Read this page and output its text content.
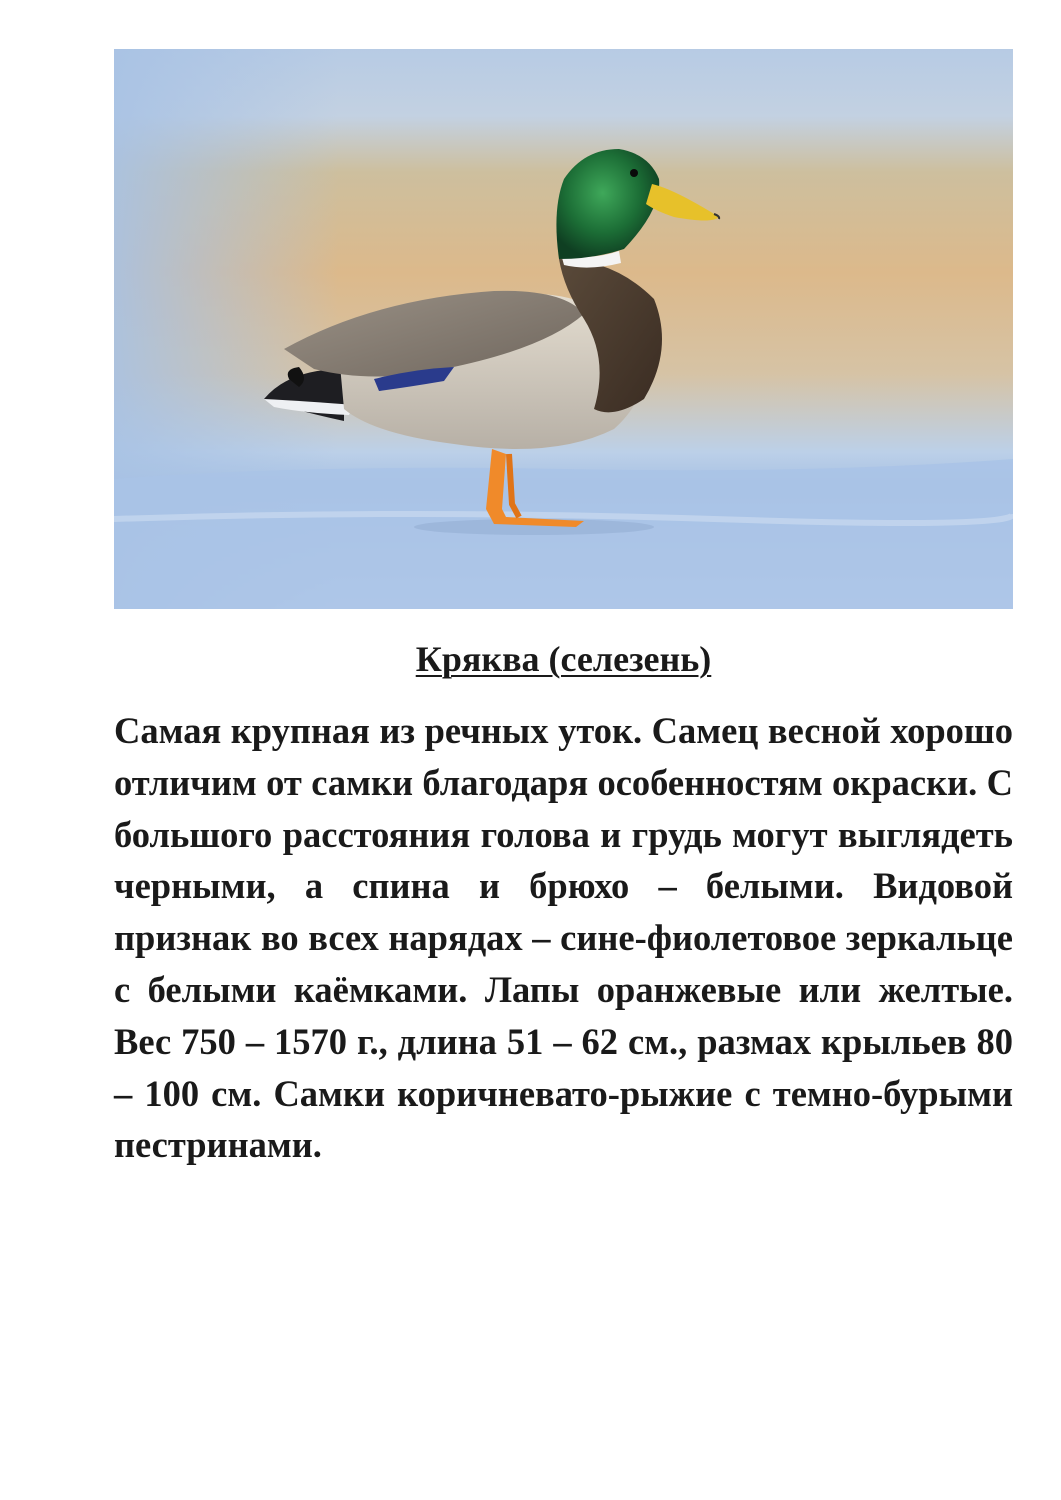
Кряква (селезень)

Самая крупная из речных уток. Самец весной хорошо отличим от самки благодаря особенностям окраски. С большого расстояния голова и грудь могут выглядеть черными, а спина и брюхо – белыми. Видовой признак во всех нарядах – сине-фиолетовое зеркальце с белыми каёмками. Лапы оранжевые или желтые. Вес 750 – 1570 г., длина 51 – 62 см., размах крыльев 80 – 100 см. Самки коричневато-рыжие с темно-бурыми пестринами.
